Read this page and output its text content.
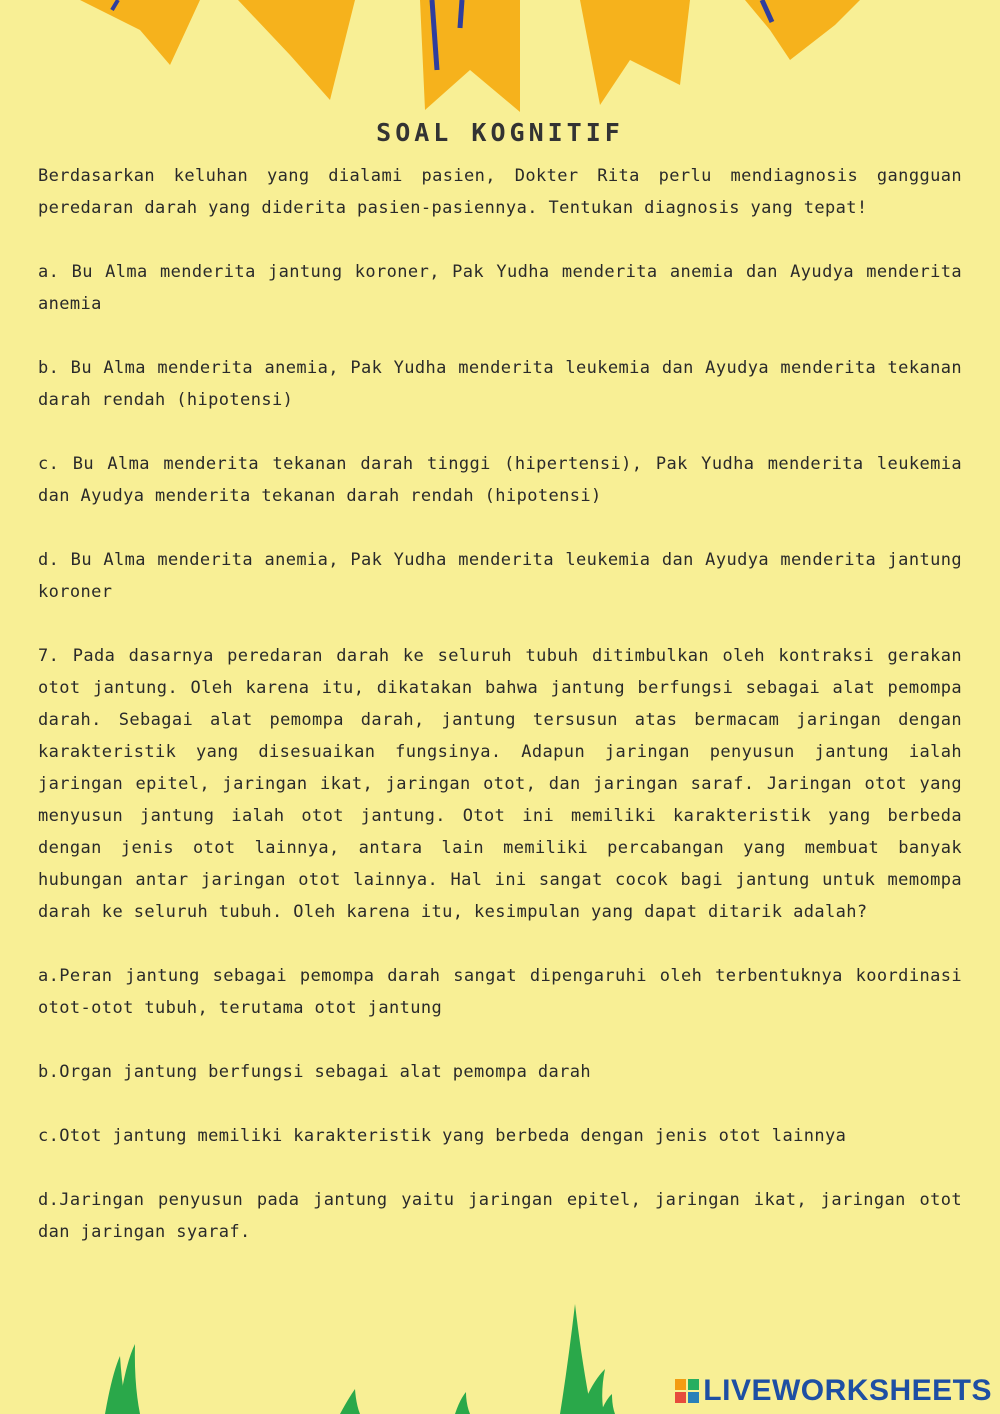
SOAL KOGNITIF

Berdasarkan keluhan yang dialami pasien, Dokter Rita perlu mendiagnosis gangguan peredaran darah yang diderita pasien-pasiennya. Tentukan diagnosis yang tepat!

a. Bu Alma menderita jantung koroner, Pak Yudha menderita anemia dan Ayudya menderita anemia

b. Bu Alma menderita anemia, Pak Yudha menderita leukemia dan Ayudya menderita tekanan darah rendah (hipotensi)

c. Bu Alma menderita tekanan darah tinggi (hipertensi), Pak Yudha menderita leukemia dan Ayudya menderita tekanan darah rendah (hipotensi)

d. Bu Alma menderita anemia, Pak Yudha menderita leukemia dan Ayudya menderita jantung koroner

7. Pada dasarnya peredaran darah ke seluruh tubuh ditimbulkan oleh kontraksi gerakan otot jantung. Oleh karena itu, dikatakan bahwa jantung berfungsi sebagai alat pemompa darah. Sebagai alat pemompa darah, jantung tersusun atas bermacam jaringan dengan karakteristik yang disesuaikan fungsinya. Adapun jaringan penyusun jantung ialah jaringan epitel, jaringan ikat, jaringan otot, dan jaringan saraf. Jaringan otot yang menyusun jantung ialah otot jantung. Otot ini memiliki karakteristik yang berbeda dengan jenis otot lainnya, antara lain memiliki percabangan yang membuat banyak hubungan antar jaringan otot lainnya. Hal ini sangat cocok bagi jantung untuk memompa darah ke seluruh tubuh. Oleh karena itu, kesimpulan yang dapat ditarik adalah?

a.Peran jantung sebagai pemompa darah sangat dipengaruhi oleh terbentuknya koordinasi otot-otot tubuh, terutama otot jantung

b.Organ jantung berfungsi sebagai alat pemompa darah

c.Otot jantung memiliki karakteristik yang berbeda dengan jenis otot lainnya

d.Jaringan penyusun pada jantung yaitu jaringan epitel, jaringan ikat, jaringan otot dan jaringan syaraf.

LIVEWORKSHEETS
